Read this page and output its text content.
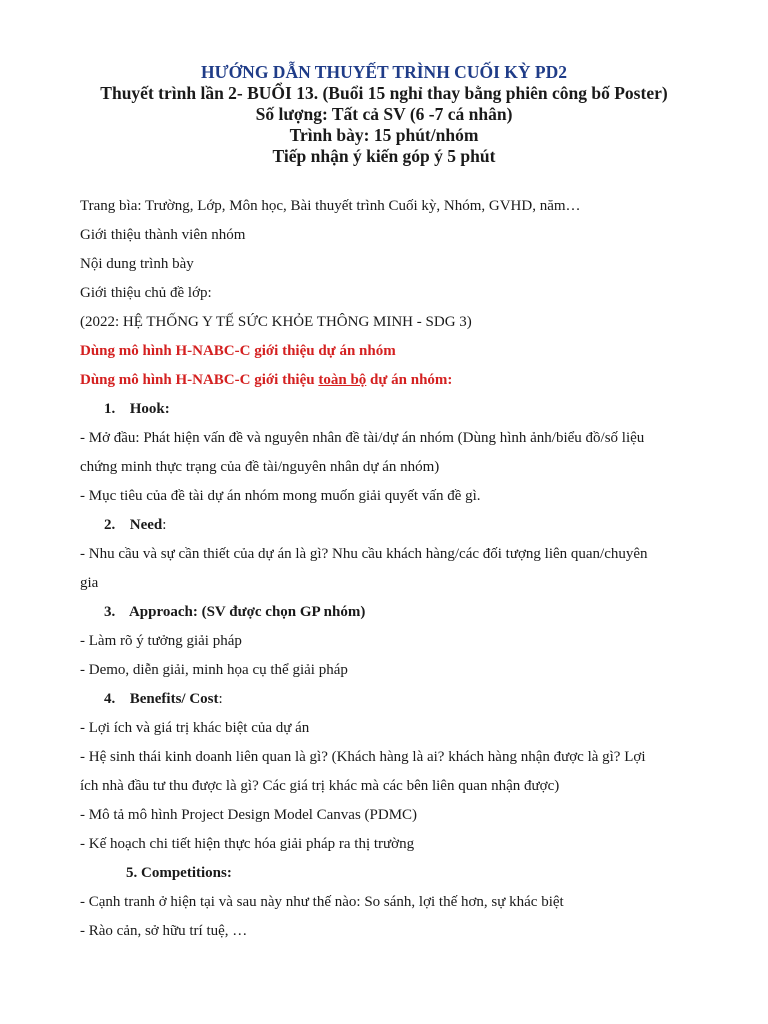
HƯỚNG DẪN THUYẾT TRÌNH CUỐI KỲ PD2
Thuyết trình lần 2- BUỔI 13. (Buổi 15 nghỉ thay bằng phiên công bố Poster)
Số lượng: Tất cả SV (6 -7 cá nhân)
Trình bày: 15 phút/nhóm
Tiếp nhận ý kiến góp ý 5 phút
Trang bìa: Trường, Lớp, Môn học, Bài thuyết trình Cuối kỳ, Nhóm, GVHD, năm…
Giới thiệu thành viên nhóm
Nội dung trình bày
Giới thiệu chủ đề lớp:
(2022: HỆ THỐNG Y TẾ SỨC KHỎE THÔNG MINH - SDG 3)
Dùng mô hình H-NABC-C giới thiệu dự án nhóm
Dùng mô hình H-NABC-C giới thiệu toàn bộ dự án nhóm:
1. Hook:
- Mở đầu: Phát hiện vấn đề và nguyên nhân đề tài/dự án nhóm (Dùng hình ảnh/biểu đồ/số liệu
chứng minh thực trạng của đề tài/nguyên nhân dự án nhóm)
- Mục tiêu của đề tài dự án nhóm mong muốn giải quyết vấn đề gì.
2. Need:
- Nhu cầu và sự cần thiết của dự án là gì? Nhu cầu khách hàng/các đối tượng liên quan/chuyên
gia
3. Approach: (SV được chọn GP nhóm)
- Làm rõ ý tưởng giải pháp
- Demo, diễn giải, minh họa cụ thể giải pháp
4. Benefits/ Cost:
- Lợi ích và giá trị khác biệt của dự án
- Hệ sinh thái kinh doanh liên quan là gì? (Khách hàng là ai? khách hàng nhận được là gì? Lợi
ích nhà đầu tư thu được là gì? Các giá trị khác mà các bên liên quan nhận được)
- Mô tả mô hình Project Design Model Canvas (PDMC)
- Kế hoạch chi tiết hiện thực hóa giải pháp ra thị trường
5. Competitions:
- Cạnh tranh ở hiện tại và sau này như thế nào: So sánh, lợi thế hơn, sự khác biệt
- Rào cản, sở hữu trí tuệ, …
